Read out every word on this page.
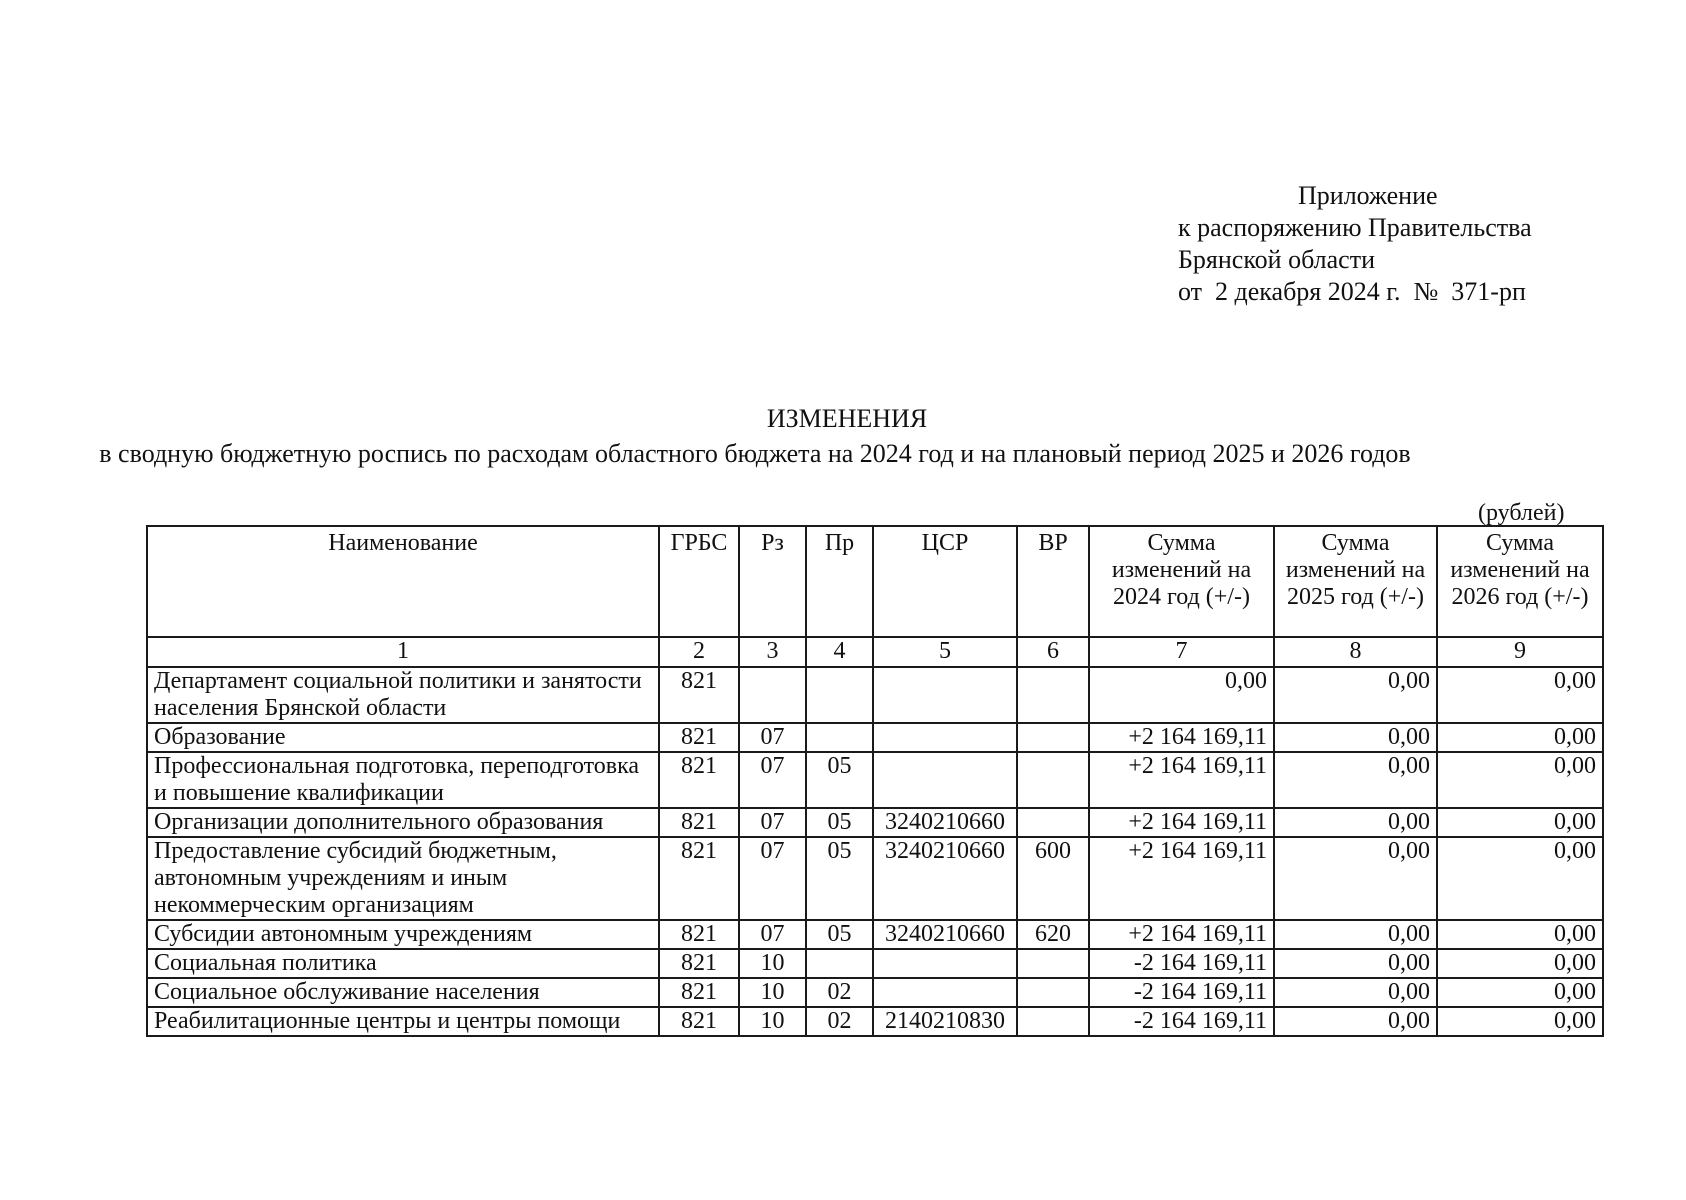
Приложение
к распоряжению Правительства
Брянской области
от  2 декабря 2024 г.  №  371-рп
ИЗМЕНЕНИЯ
в сводную бюджетную роспись по расходам областного бюджета на 2024 год и на плановый период 2025 и 2026 годов
(рублей)
Наименование	ГРБС	Рз	Пр	ЦСР	ВР	Сумма изменений на 2024 год (+/-)	Сумма изменений на 2025 год (+/-)	Сумма изменений на 2026 год (+/-)
1	2	3	4	5	6	7	8	9
Департамент социальной политики и занятости населения Брянской области	821					0,00	0,00	0,00
Образование	821	07				+2 164 169,11	0,00	0,00
Профессиональная подготовка, переподготовка и повышение квалификации	821	07	05			+2 164 169,11	0,00	0,00
Организации дополнительного образования	821	07	05	3240210660		+2 164 169,11	0,00	0,00
Предоставление субсидий бюджетным, автономным учреждениям и иным некоммерческим организациям	821	07	05	3240210660	600	+2 164 169,11	0,00	0,00
Субсидии автономным учреждениям	821	07	05	3240210660	620	+2 164 169,11	0,00	0,00
Социальная политика	821	10				-2 164 169,11	0,00	0,00
Социальное обслуживание населения	821	10	02			-2 164 169,11	0,00	0,00
Реабилитационные центры и центры помощи	821	10	02	2140210830		-2 164 169,11	0,00	0,00
